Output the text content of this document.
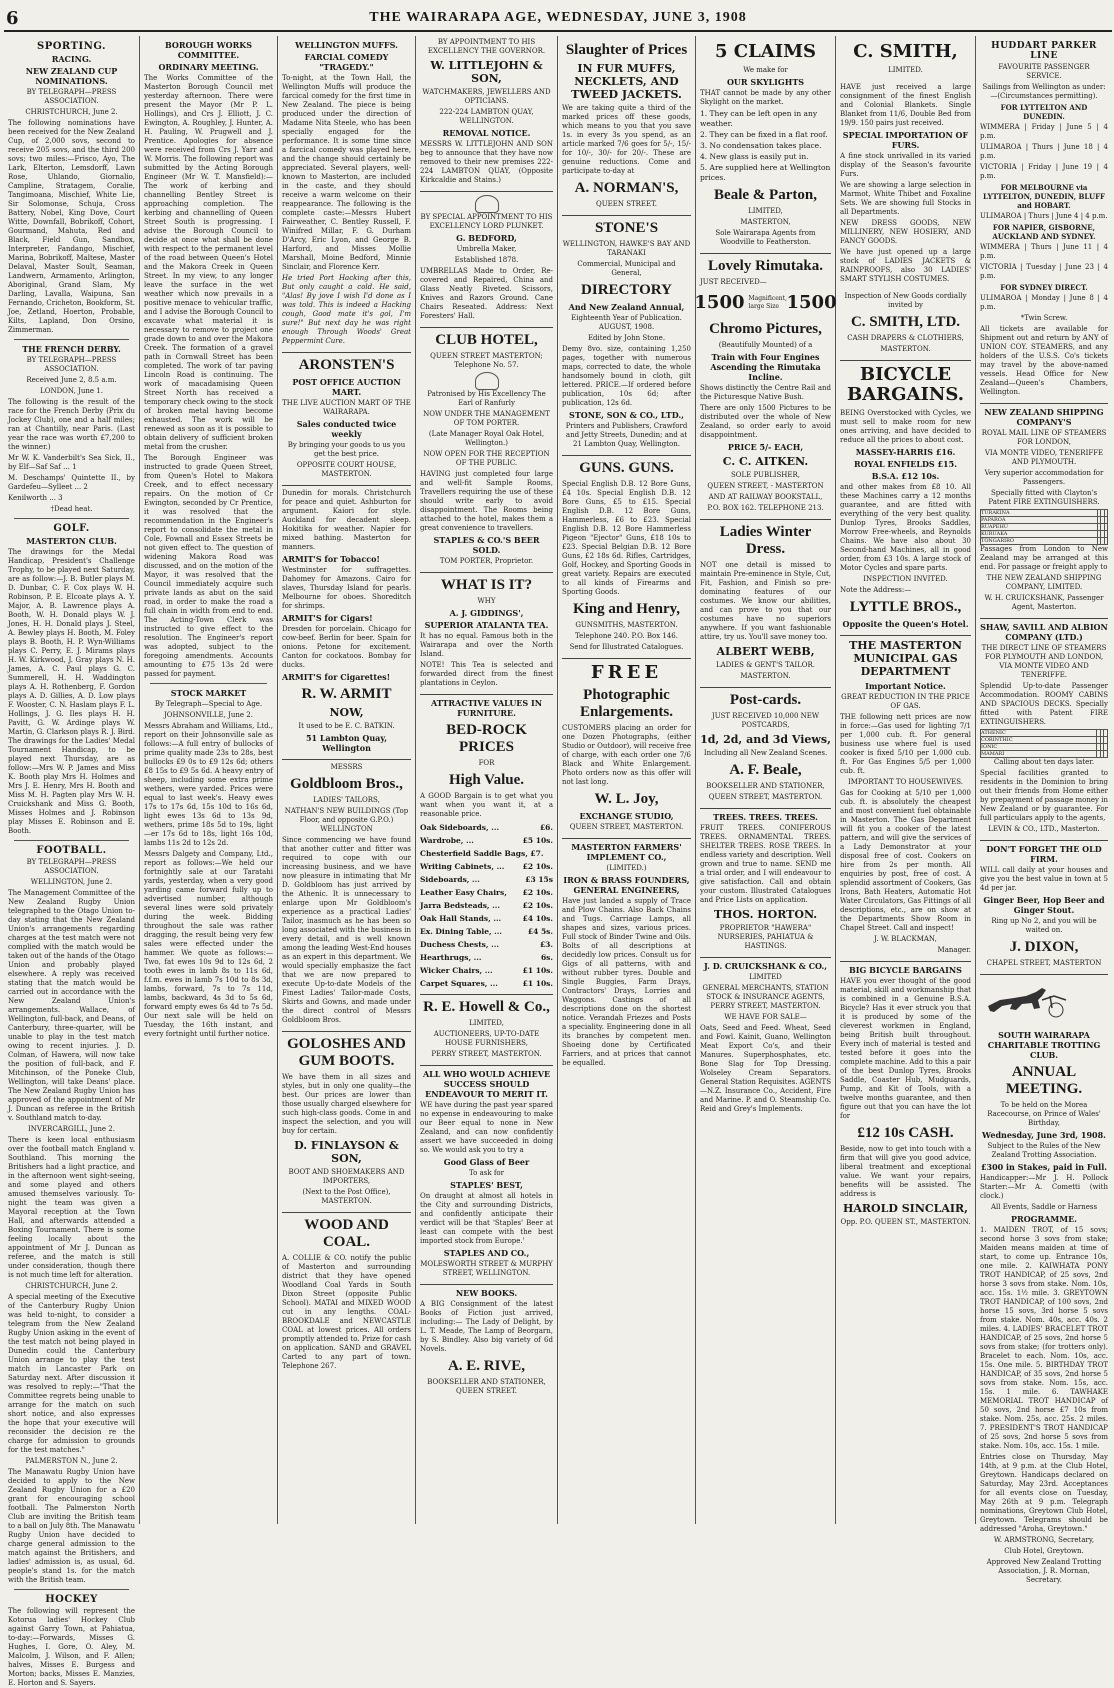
6	THE WAIRARAPA AGE, WEDNESDAY, JUNE 3, 1908
SPORTING.
RACING.
NEW ZEALAND CUP NOMINATIONS.
BY TELEGRAPH—PRESS ASSOCIATION.
CHRISTCHURCH, June 2.
The following nominations have been received for the New Zealand Cup, of 2,000 sovs, second to receive 205 sovs, and the third 200 sovs; two miles:—Frisco, Ayo, The Lark, Elterton, Lemsdorff, Lawn Rose, Uhlando, Giornalio, Campline, Stratagem, Coralie, Tangimoana, Mischief, White Lie, Sir Solomonse, Schuja, Cross Battery, Nobel, King Dove, Court Witte, Downfall, Bobrikoff, Cohort, Gourmand, Mahuta, Red and Black, Field Gun, Sandbox, Interpreter, Fandango, Mischief, Marina, Bobrikoff, Maltese, Master Delaval, Master Soult, Seaman, Landwern, Armamento, Arlington, Aboriginal, Grand Slam, My Darling, Lavalla, Waipuna, San Fernando, Cricheton, Bookform, St. Joe, Zetland, Hoerton, Probable, Kilts, Lapland, Don Orsino, Zimmerman.
THE FRENCH DERBY.
BY TELEGRAPH—PRESS ASSOCIATION.
Received June 2, 8.5 a.m.
LONDON, June 1.
The following is the result of the race for the French Derby (Prix du Jockey Club), one and a half miles; ran at Chantilly, near Paris. (Last year the race was worth £7,200 to the winner.)
Mr W. K. Vanderbilt's Sea Sick, II., by Elf—Saf Saf ... 1
M. Deschamps' Quintette II., by Gardefeu—Sylleet ... 2
Kenilworth ... 3
†Dead heat.
GOLF.
MASTERTON CLUB.
The drawings for the Medal Handicap, President's Challenge Trophy, to be played next Saturday, are as follow:—J. B. Butler plays M. D. Dunbar, C. F. Cox plays W. H. Robinson, P. E. Elcoate plays A. Y. Major, A. B. Lawrence plays A. Booth, W. H. Donald plays W. J. Jones, H. H. Donald plays J. Steel, A. Bewley plays H. Booth, M. Foley plays B. Booth, H. P. Wyn-Williams plays C. Perry, E. J. Mirams plays H. W. Kirkwood, J. Gray plays N. H. James, A. C. Paul plays G. C. Summerell, H. H. Waddington plays A. H. Rothenberg, F. Gordon plays A. D. Gillies, A. D. Low plays F. Wooster, C. N. Haslam plays F. L. Hollings, J. G. Iles plays H. H. Pavitt, G. W. Ardinge plays W. Martin, G. Clarkson plays R. J. Bird. The drawings for the Ladies' Medal Tournament Handicap, to be played next Thursday, are as follow:—Mrs W. P. James and Miss K. Booth play Mrs H. Holmes and Mrs J. E. Henry, Mrs H. Booth and Miss M. H. Pagten play Mrs W. H. Cruickshank and Miss G. Booth, Misses Holmes and J. Robinson play Misses E. Robinson and E. Booth.
FOOTBALL.
BY TELEGRAPH—PRESS ASSOCIATION.
WELLINGTON, June 2.
The Management Committee of the New Zealand Rugby Union telegraphed to the Otago Union to-day stating that the New Zealand Union's arrangements regarding charges at the test match were not complied with the match would be taken out of the hands of the Otago Union and probably played elsewhere. A reply was received stating that the match would be carried out in accordance with the New Zealand Union's arrangements. Wallace, of Wellington, full-back, and Deans, of Canterbury, three-quarter, will be unable to play in the test match owing to recent injuries. J. D. Colman, of Hawera, will now take the position of full-back, and F. Mitchinson, of the Poneke Club, Wellington, will take Deans' place. The New Zealand Rugby Union has approved of the appointment of Mr J. Duncan as referee in the British v. Southland match to-day.
INVERCARGILL, June 2.
There is keen local enthusiasm over the football match England v. Southland. This morning the Britishers had a light practice, and in the afternoon went sight-seeing, and some played and others amused themselves variously. To-night the team was given a Mayoral reception at the Town Hall, and afterwards attended a Boxing Tournament. There is some feeling locally about the appointment of Mr J. Duncan as referee, and the match is still under consideration, though there is not much time left for alteration.
CHRISTCHURCH, June 2.
A special meeting of the Executive of the Canterbury Rugby Union was held to-night, to consider a telegram from the New Zealand Rugby Union asking in the event of the test match not being played in Dunedin could the Canterbury Union arrange to play the test match in Lancaster Park on Saturday next. After discussion it was resolved to reply:—"That the Committee regrets being unable to arrange for the match on such short notice, and also expresses the hope that your executive will reconsider the decision re the charge for admission to grounds for the test matches."
PALMERSTON N., June 2.
The Manawatu Rugby Union have decided to apply to the New Zealand Rugby Union for a £20 grant for encouraging school football. The Palmerston North Club are inviting the British team to a ball on July 8th. The Manawatu Rugby Union have decided to charge general admission to the match against the Britishers, and ladies' admission is, as usual, 6d. people's stand 1s. for the match with the British team.
HOCKEY
The following will represent the Kotorua ladies' Hockey Club against Garry Town, at Pahiatua, to-day:—Forwards, Misses G. Hughes, I. Gore, O. Aley, M. Malcolm, J. Wilson, and F. Allen; halves, Misses E. Burgess and Morton; backs, Misses E. Manzies, E. Horton and S. Sayers.
BOROUGH WORKS COMMITTEE.
ORDINARY MEETING.
The Works Committee of the Masterton Borough Council met yesterday afternoon. There were present the Mayor (Mr P. L. Hollings), and Crs J. Elliott, J. C. Ewington, A. Roughley, J. Hunter, A. H. Pauling, W. Prugwell and J. Prentice. Apologies for absence were received from Crs J. Yarr and W. Morris. The following report was submitted by the Acting Borough Engineer (Mr W. T. Mansfield):—The work of kerbing and channelling Bentley Street is approaching completion. The kerbing and channelling of Queen Street South is progressing. I advise the Borough Council to decide at once what shall be done with respect to the permanent level of the road between Queen's Hotel and the Makora Creek in Queen Street. In my view, to any longer leave the surface in the wet weather which now prevails in a positive menace to vehicular traffic, and I advise the Borough Council to excavate what material it is necessary to remove to project one grade down to and over the Makora Creek. The formation of a gravel path in Cornwall Street has been completed. The work of tar paving Lincoln Road is continuing. The work of macadamising Queen Street North has received a temporary check owing to the stock of broken metal having become exhausted. The work will be renewed as soon as it is possible to obtain delivery of sufficient broken metal from the crusher.
The Borough Engineer was instructed to grade Queen Street, from Queen's Hotel to Makora Creek, and to effect necessary repairs. On the motion of Cr Ewington, seconded by Cr Prentice, it was resolved that the recommendation in the Engineer's report to consolidate the metal in Cole, Fownall and Essex Streets be not given effect to. The question of widening Makora Road was discussed, and on the motion of the Mayor, it was resolved that the Council immediately acquire such private lands as abut on the said road, in order to make the road a full chain in width from end to end. The Acting-Town Clerk was instructed to give effect to the resolution. The Engineer's report was adopted, subject to the foregoing amendments. Accounts amounting to £75 13s 2d were passed for payment.
STOCK MARKET
By Telegraph—Special to Age.
JOHNSONVILLE, June 2.
Messrs Abraham and Williams, Ltd., report on their Johnsonville sale as follows:—A full entry of bullocks of prime quality made 23s to 28s, best bullocks £9 0s to £9 12s 6d; others £8 15s to £9 5s 6d. A heavy entry of sheep, including some extra prime wethers, were yarded. Prices were equal to last week's. Heavy ewes 17s to 17s 6d, 15s 10d to 16s 6d, light ewes 13s 6d to 13s 9d, wethers, prime 18s 5d to 19s, light—er 17s 6d to 18s, light 16s 10d, lambs 11s 2d to 12s 2d.
Messrs Dalgety and Company, Ltd., report as follows:—We held our fortnightly sale at our Taratahi yards, yesterday, when a very good yarding came forward fully up to advertised number, although several lines were sold privately during the week. Bidding throughout the sale was rather dragging, the result being very few sales were effected under the hammer. We quote as follows:—Two, fat ewes 10s 9d to 12s 6d, 2 tooth ewes in lamb 8s to 11s 6d, f.f.m. ewes in lamb 7s 10d to 8s 3d, lambs, forward, 7s to 7s 11d, lambs, backward, 4s 3d to 5s 6d, forward empty ewes 6s 4d to 7s 5d. Our next sale will be held on Tuesday, the 16th instant, and every fortnight until further notice.
WELLINGTON MUFFS.
FARCIAL COMEDY "TRAGEDY."
To-night, at the Town Hall, the Wellington Muffs will produce the farcical comedy for the first time in New Zealand. The piece is being produced under the direction of Madame Nita Steele, who has been specially engaged for the performance. It is some time since a farcical comedy was played here, and the change should certainly be appreciated. Several players, well-known to Masterton, are included in the caste, and they should receive a warm welcome on their reappearance. The following is the complete caste:—Messrs Hubert Fairweather, C. Bentley Russell, F. Winifred Millar, F. G. Durham D'Arcy, Eric Lyon, and George B. Harford, and Misses Mollie Marshall, Moine Bedford, Minnie Sinclair, and Florence Kerr.
He tried Port Hacking after this, But only caught a cold. He said, "Alas! By jove I wish I'd done as I was told. This is indeed a Hacking cough, Good mate it's gol, I'm sure!" But next day he was right enough Through Woods' Great Peppermint Cure.
ARONSTEN'S
POST OFFICE AUCTION MART.
THE LIVE AUCTION MART OF THE WAIRARAPA.
Sales conducted twice weekly
By bringing your goods to us you get the best price.
OPPOSITE COURT HOUSE, MASTERTON.
Dunedin for morals. Christchurch for peace and quiet. Ashburton for argument. Kaiori for style. Auckland for decadent sleep. Hokitika for weather. Napier for mixed bathing. Masterton for manners.
ARMIT'S for Tobacco!
Westminster for suffragettes. Dahomey for Amazons. Cairo for slaves, Thursday Island for pearls. Melbourne for oboes. Shoreditch for shrimps.
ARMIT'S for Cigars!
Dresden for porcelain. Chicago for cow-beef. Berlin for beer. Spain for onions. Petone for excitement. Canton for cockatoos. Bombay for ducks.
ARMIT'S for Cigarettes!
R. W. ARMIT
NOW,
It used to be E. C. BATKIN.
51 Lambton Quay, Wellington
MESSRS
Goldbloom Bros.,
LADIES' TAILORS,
NATHAN'S NEW BUILDINGS (Top Floor, and opposite G.P.O.) WELLINGTON
Since commencing we have found that another cutter and fitter was required to cope with our increasing business, and we have now pleasure in intimating that Mr D. Goldbloom has just arrived by the Athenic. It is unnecessary to enlarge upon Mr Goldbloom's experience as a practical Ladies' Tailor, inasmuch as he has been so long associated with the business in every detail, and is well known among the leading West-End houses as an expert in this department. We would specially emphasize the fact that we are now prepared to execute Up-to-date Models of the Finest Ladies' Tailor-made Costs, Skirts and Gowns, and made under the direct control of Messrs Goldbloom Bros.
GOLOSHES AND GUM BOOTS.
We have them in all sizes and styles, but in only one quality—the best. Our prices are lower than those usually charged elsewhere for such high-class goods. Come in and inspect the selection, and you will buy for certain.
D. FINLAYSON & SON,
BOOT AND SHOEMAKERS AND IMPORTERS,
(Next to the Post Office), MASTERTON.
WOOD AND COAL.
A. COLLIE & CO. notify the public of Masterton and surrounding district that they have opened Woodland Coal Yards in South Dixon Street (opposite Public School). MATAI and MIXED WOOD cut in any lengths. COAL-BROOKDALE and NEWCASTLE COAL at lowest prices. All orders promptly attended to. Prize for cash on application. SAND and GRAVEL Carted to any part of town. Telephone 267.
BY APPOINTMENT TO HIS EXCELLENCY THE GOVERNOR.
W. LITTLEJOHN & SON,
WATCHMAKERS, JEWELLERS AND OPTICIANS.
222-224 LAMBTON QUAY, WELLINGTON.
REMOVAL NOTICE.
MESSRS W. LITTLEJOHN AND SON beg to announce that they have now removed to their new premises 222-224 LAMBTON QUAY, (Opposite Kirkcaldie and Stains.)
BY SPECIAL APPOINTMENT TO HIS EXCELLENCY LORD PLUNKET.
G. BEDFORD,
Umbrella Maker,
Established 1878.
UMBRELLAS Made to Order, Re-covered and Repaired, China and Glass Neatly Riveted. Scissors, Knives and Razors Ground. Cane Chairs Reseated. Address: Next Foresters' Hall.
CLUB HOTEL,
QUEEN STREET MASTERTON; Telephone No. 57.
Patronised by His Excellency The Earl of Ranfurly
NOW UNDER THE MANAGEMENT OF TOM PORTER.
(Late Manager Royal Oak Hotel, Wellington.)
NOW OPEN FOR THE RECEPTION OF THE PUBLIC.
HAVING just completed four large and well-fit Sample Rooms, Travellers requiring the use of these should write early to avoid disappointment. The Rooms being attached to the hotel, makes them a great convenience to travellers.
STAPLES & CO.'S BEER SOLD.
TOM PORTER, Proprietor.
WHAT IS IT?
WHY
A. J. GIDDINGS',
SUPERIOR ATALANTA TEA.
It has no equal. Famous both in the Wairarapa and over the North Island.
NOTE! This Tea is selected and forwarded direct from the finest plantations in Ceylon.
ATTRACTIVE VALUES IN FURNITURE.
BED-ROCK PRICES
FOR
High Value.
A GOOD Bargain is to get what you want when you want it, at a reasonable price.
Oak Sideboards, ...	£6.
Wardrobe, ...	£5 10s.
Chesterfield Saddle Bags, £7.
Writing Cabinets, ... £2 10s.
Sideboards, ...	£3 15s
Leather Easy Chairs, £2 10s.
Jarra Bedsteads, ...	£2 10s.
Oak Hall Stands, ...	£4 10s.
Ex. Dining Table, ...	£4 5s.
Duchess Chests, ...	£3.
Hearthrugs, ...	6s.
Wicker Chairs, ...	£1 10s.
Carpet Squares, ...	£1 10s.
R. E. Howell & Co.,
LIMITED,
AUCTIONEERS, UP-TO-DATE HOUSE FURNISHERS,
PERRY STREET, MASTERTON.
ALL WHO WOULD ACHIEVE SUCCESS SHOULD ENDEAVOUR TO MERIT IT.
WE have during the past year spared no expense in endeavouring to make our Beer equal to none in New Zealand, and can now confidently assert we have succeeded in doing so. We would ask you to try a
Good Glass of Beer
To ask for
STAPLES' BEST,
On draught at almost all hotels in the City and surrounding Districts, and confidently anticipate their verdict will be that 'Staples' Beer at least can compete with the best imported stock from Europe.'
STAPLES AND CO.,
MOLESWORTH STREET & MURPHY STREET, WELLINGTON.
NEW BOOKS.
A BIG Consignment of the latest Books of Fiction just arrived, including:— The Lady of Delight, by L. T. Meade, The Lamp of Beorgarn, by S. Bindley. Also big variety of 6d Novels.
A. E. RIVE,
BOOKSELLER AND STATIONER, QUEEN STREET.
Slaughter of Prices
IN FUR MUFFS, NECKLETS, AND TWEED JACKETS.
We are taking quite a third of the marked prices off these goods, which means to you that you save 1s. in every 3s you spend, as an article marked 7/6 goes for 5/-, 15/- for 10/-, 30/- for 20/-. These are genuine reductions. Come and participate to-day at
A. NORMAN'S,
QUEEN STREET.
STONE'S
WELLINGTON, HAWKE'S BAY AND TARANAKI
Commercial, Municipal and General,
DIRECTORY
And New Zealand Annual,
Eighteenth Year of Publication. AUGUST, 1908.
Edited by John Stone.
Demy 8vo. size, containing 1,250 pages, together with numerous maps, corrected to date, the whole handsomely bound in cloth, gilt lettered. PRICE.—If ordered before publication, 10s 6d; after publication, 12s 6d.
STONE, SON & CO., LTD.,
Printers and Publishers, Crawford and Jetty Streets, Dunedin; and at 21 Lambton Quay, Wellington.
GUNS. GUNS.
Special English D.B. 12 Bore Guns, £4 10s. Special English D.B. 12 Bore Guns, £5 to £15. Special English D.B. 12 Bore Guns, Hammerless, £6 to £23. Special English D.B. 12 Bore Hammerless Pigeon "Ejector" Guns, £18 10s to £23. Special Belgian D.B. 12 Bore Guns, £2 18s 6d. Rifles, Cartridges, Golf, Hockey, and Sporting Goods in great variety. Repairs are executed to all kinds of Firearms and Sporting Goods.
King and Henry,
GUNSMITHS, MASTERTON.
Telephone 240. P.O. Box 146.
Send for Illustrated Catalogues.
FREE
Photographic Enlargements.
CUSTOMERS placing an order for one Dozen Photographs, (either Studio or Outdoor), will receive free of charge, with each order one 7/6 Black and White Enlargement. Photo orders now as this offer will not last long.
W. L. Joy,
EXCHANGE STUDIO,
QUEEN STREET, MASTERTON.
MASTERTON FARMERS' IMPLEMENT CO.,
(LIMITED.)
IRON & BRASS FOUNDERS, GENERAL ENGINEERS,
Have just landed a supply of Trace and Plow Chains. Also Back Chains and Tugs. Carriage Lamps, all shapes and sizes, various prices. Full stock of Binder Twine and Oils. Bolts of all descriptions at decidedly low prices. Consult us for Gigs of all patterns, with and without rubber tyres. Double and Single Buggies, Farm Drays, Contractors' Drays, Lorries and Waggons. Castings of all descriptions done on the shortest notice. Verandah Friezes and Posts a speciality. Engineering done in all its branches by competent men. Shoeing done by Certificated Farriers, and at prices that cannot be equalled.
5 CLAIMS
We make for
OUR SKYLIGHTS
THAT cannot be made by any other Skylight on the market.
1. They can be left open in any weather.
2. They can be fixed in a flat roof.
3. No condensation takes place.
4. New glass is easily put in.
5. Are supplied here at Wellington prices.
Beale & Parton,
LIMITED,
MASTERTON,
Sole Wairarapa Agents from Woodville to Featherston.
Lovely Rimutaka.
JUST RECEIVED—
1500 Magnificent, large Size 1500
Chromo Pictures,
(Beautifully Mounted) of a
Train with Four Engines Ascending the Rimutaka Incline.
Shows distinctly the Centre Rail and the Picturesque Native Bush.
There are only 1500 Pictures to be distributed over the whole of New Zealand, so order early to avoid disappointment.
PRICE 5/- EACH,
C. C. AITKEN.
SOLE PUBLISHER,
QUEEN STREET, - MASTERTON
AND AT RAILWAY BOOKSTALL,
P.O. BOX 162. TELEPHONE 213.
Ladies Winter Dress.
NOT one detail is missed to maintain Pre-eminence in Style, Cut, Fit, Fashion, and Finish so pre-dominating features of our costumes. We know our abilities, and can prove to you that our costumes have no superiors anywhere. If you want fashionable attire, try us. You'll save money too.
ALBERT WEBB,
LADIES & GENT'S TAILOR.
MASTERTON.
Post-cards.
JUST RECEIVED 10,000 NEW POSTCARDS,
1d, 2d, and 3d Views,
Including all New Zealand Scenes.
A. F. Beale,
BOOKSELLER AND STATIONER,
QUEEN STREET, MASTERTON.
TREES. TREES. TREES.
FRUIT TREES. CONIFEROUS TREES. ORNAMENTAL TREES. SHELTER TREES. ROSE TREES. In endless variety and description. Well grown and true to name. SEND me a trial order, and I will endeavour to give satisfaction. Call and obtain your custom. Illustrated Catalogues and Price Lists on application.
THOS. HORTON.
PROPRIETOR "HAWERA" NURSERIES, PAHIATUA & HASTINGS.
J. D. CRUICKSHANK & CO.,
LIMITED
GENERAL MERCHANTS, STATION STOCK & INSURANCE AGENTS, PERRY STREET, MASTERTON.
WE HAVE FOR SALE—
Oats, Seed and Feed. Wheat, Seed and Fowl. Kainit, Guano, Wellington Meat Export Co's, and their Manures. Superphosphates, etc. Bone Slag for Top Dressing. Wolseley Cream Separators. General Station Requisites. AGENTS—N.Z. Insurance Co., Accident, Fire and Marine. P. and O. Steamship Co. Reid and Grey's Implements.
C. SMITH,
LIMITED.
HAVE just received a large consignment of the finest English and Colonial Blankets. Single Blanket from 11/6, Double Bed from 19/9. 150 pairs just received.
SPECIAL IMPORTATION OF FURS.
A fine stock unrivalled in its varied display of the Season's favourite Furs.
We are showing a large selection in Marmot, White Thibet and Foxaline Sets. We are showing full Stocks in all Departments.
NEW DRESS GOODS, NEW MILLINERY, NEW HOSIERY, AND FANCY GOODS.
We have just opened up a large stock of LADIES JACKETS & RAINPROOFS, also 30 LADIES' SMART STYLISH COSTUMES.
Inspection of New Goods cordially invited by
C. SMITH, LTD.
CASH DRAPERS & CLOTHIERS,
MASTERTON.
BICYCLE BARGAINS.
BEING Overstocked with Cycles, we must sell to make room for new ones arriving, and have decided to reduce all the prices to about cost.
MASSEY-HARRIS £16.
ROYAL ENFIELDS £15.
B.S.A. £12 10s.
and other makes from £8 10. All these Machines carry a 12 months guarantee, and are fitted with everything of the very best quality. Dunlop Tyres, Brooks Saddles, Morrow Free-wheels, and Reynolds Chains. We have also about 30 Second-hand Machines, all in good order, from £3 10s. A large stock of Motor Cycles and spare parts.
INSPECTION INVITED.
Note the Address:—
LYTTLE BROS.,
Opposite the Queen's Hotel.
THE MASTERTON MUNICIPAL GAS DEPARTMENT
Important Notice.
GREAT REDUCTION IN THE PRICE OF GAS.
THE following nett prices are now in force:—Gas used for lighting 7/1 per 1,000 cub. ft. For general business use where fuel is used cooker is fixed 5/10 per 1,000 cub. ft. For Gas Engines 5/5 per 1,000 cub. ft.
IMPORTANT TO HOUSEWIVES.
Gas for Cooking at 5/10 per 1,000 cub. ft. is absolutely the cheapest and most convenient fuel obtainable in Masterton. The Gas Department will fit you a cooker of the latest pattern, and will give the services of a Lady Demonstrator at your disposal free of cost. Cookers on hire from 2s per month. All enquiries by post, free of cost. A splendid assortment of Cookers, Gas Irons, Bath Heaters, Automatic Hot Water Circulators, Gas Fittings of all descriptions, etc., are on show at the Departments Show Room in Chapel Street. Call and inspect!
J. W. BLACKMAN,
Manager.
BIG BICYCLE BARGAINS
HAVE you ever thought of the good material, skill and workmanship that is combined in a Genuine B.S.A. Bicycle? Has it ever struck you that it is produced by some of the cleverest workmen in England, being British built throughout. Every inch of material is tested and tested before it goes into the complete machine. Add to this a pair of the best Dunlop Tyres, Brooks Saddle, Coaster Hub, Mudguards, Pump, and Kit of Tools, with a twelve months guarantee, and then figure out that you can have the lot for
£12 10s CASH.
Beside, now to get into touch with a firm that will give you good advice, liberal treatment and exceptional value. We want your repairs, benefits will be assisted. The address is
HAROLD SINCLAIR,
Opp. P.O. QUEEN ST., MASTERTON.
HUDDART PARKER LINE
FAVOURITE PASSENGER SERVICE.
Sailings from Wellington as under:—(Circumstances permitting).
FOR LYTTELTON AND DUNEDIN.
WIMMERA | Friday | June 5 | 4 p.m.
ULIMAROA | Thurs | June 18 | 4 p.m.
VICTORIA | Friday | June 19 | 4 p.m.
FOR MELBOURNE via LYTTELTON, DUNEDIN, BLUFF and HOBART.
ULIMAROA | Thurs | June 4 | 4 p.m.
FOR NAPIER, GISBORNE, AUCKLAND AND SYDNEY.
WIMMERA | Thurs | June 11 | 4 p.m.
VICTORIA | Tuesday | June 23 | 4 p.m.
FOR SYDNEY DIRECT.
ULIMAROA | Monday | June 8 | 4 p.m.
*Twin Screw.
All tickets are available for Shipment out and return by ANY of UNION COY. STEAMERS, and any holders of the U.S.S. Co's tickets may travel by the above-named vessels. Head Office for New Zealand—Queen's Chambers, Wellington.
NEW ZEALAND SHIPPING COMPANY'S
ROYAL MAIL LINE OF STEAMERS FOR LONDON,
VIA MONTE VIDEO, TENERIFFE AND PLYMOUTH.
Very superior accommodation for Passengers.
Specially fitted with Clayton's Patent FIRE EXTINGUISHERS.
TURAKINA			
PAPAROA			
RUAPEHU			
KURUAKA			
TONGARIRO			
Passages from London to New Zealand may be arranged at this end. For passage or freight apply to
THE NEW ZEALAND SHIPPING COMPANY, LIMITED.
W. H. CRUICKSHANK, Passenger Agent, Masterton.
SHAW, SAVILL AND ALBION COMPANY (LTD.)
THE DIRECT LINE OF STEAMERS FOR PLYMOUTH AND LONDON, VIA MONTE VIDEO AND TENERIFFE.
Splendid Up-to-date Passenger Accommodation. ROOMY CABINS AND SPACIOUS DECKS. Specially fitted with Patent FIRE EXTINGUISHERS.
ATHENIC			
CORINTHIC			
IONIC			
MAMARI			
Calling about ten days later.
Special facilities granted to residents in the Dominion to bring out their friends from Home either by prepayment of passage money in New Zealand or by guarantee. For full particulars apply to the agents,
LEVIN & CO., LTD., Masterton.
DON'T FORGET THE OLD FIRM.
WILL call daily at your houses and give you the best value in town at 5 4d per jar.
Ginger Beer, Hop Beer and Ginger Stout.
Ring up No 2, and you will be waited on.
J. DIXON,
CHAPEL STREET, MASTERTON
SOUTH WAIRARAPA CHARITABLE TROTTING CLUB.
ANNUAL MEETING.
To be held on the Morea Racecourse, on Prince of Wales' Birthday,
Wednesday, June 3rd, 1908.
Subject to the Rules of the New Zealand Trotting Association.
£300 in Stakes, paid in Full.
Handicapper:—Mr J. H. Pollock Starter:—Mr A. Cometti (with clock.)
All Events, Saddle or Harness
PROGRAMME.
1. MAIDEN TROT, of 15 sovs; second horse 3 sovs from stake; Maiden means maiden at time of start, to come up. Entrance 10s, one mile. 2. KAIWHATA PONY TROT HANDICAP, of 25 sovs, 2nd horse 3 sovs from stake. Nom. 10s, acc. 15s. 1½ mile. 3. GREYTOWN TROT HANDICAP, of 100 sovs, 2nd horse 15 sovs, 3rd horse 5 sovs from stake. Nom. 40s, acc. 40s. 2 miles. 4. LADIES' BRACELET TROT HANDICAP, of 25 sovs, 2nd horse 5 sovs from stake; (for trotters only). Bracelet to each. Nom. 10s, acc. 15s. One mile. 5. BIRTHDAY TROT HANDICAP, of 35 sovs, 2nd horse 5 sovs from stake. Nom. 15s, acc. 15s. 1 mile. 6. TAWHAKE MEMORIAL TROT HANDICAP of 50 sovs, 2nd horse £7 10s from stake. Nom. 25s, acc. 25s. 2 miles. 7. PRESIDENT'S TROT HANDICAP of 25 sovs, 2nd horse 5 sovs from stake. Nom. 10s, acc. 15s. 1 mile.
Entries close on Thursday, May 14th, at 9 p.m. at the Club Hotel, Greytown. Handicaps declared on Saturday, May 23rd. Acceptances for all events close on Tuesday, May 26th at 9 p.m. Telegraph nominations, Greytown Club Hotel, Greytown. Telegrams should be addressed "Aroha, Greytown."
W. ARMSTRONG, Secretary,
Club Hotel, Greytown.
Approved New Zealand Trotting Association, J. R. Mornan, Secretary.
